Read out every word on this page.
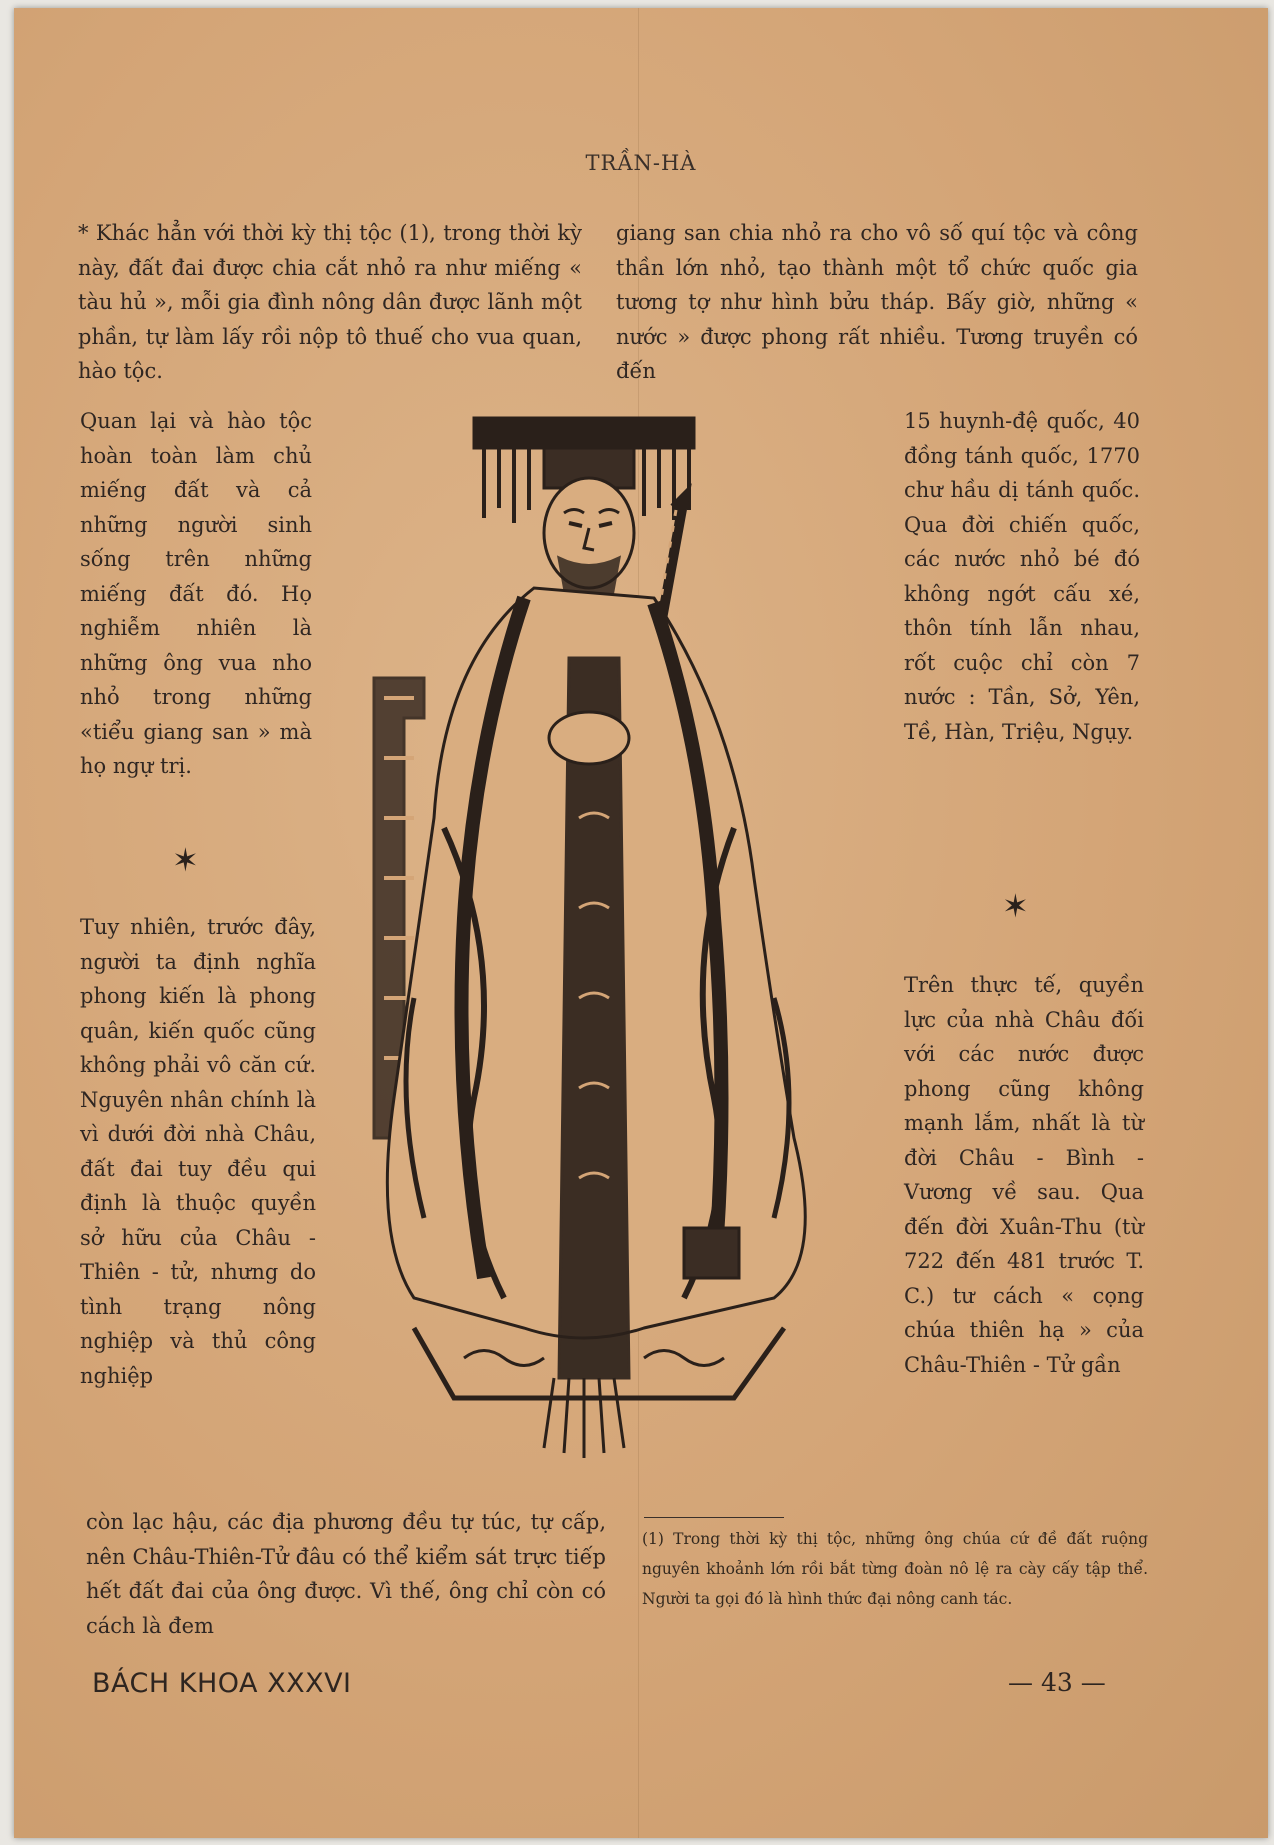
TRẦN-HÀ

* Khác hẳn với thời kỳ thị tộc (1), trong thời kỳ này, đất đai được chia cắt nhỏ ra như miếng « tàu hủ », mỗi gia đình nông dân được lãnh một phần, tự làm lấy rồi nộp tô thuế cho vua quan, hào tộc.

giang san chia nhỏ ra cho vô số quí tộc và công thần lớn nhỏ, tạo thành một tổ chức quốc gia tương tợ như hình bửu tháp. Bấy giờ, những « nước » được phong rất nhiều. Tương truyền có đến

Quan lại và hào tộc hoàn toàn làm chủ miếng đất và cả những người sinh sống trên những miếng đất đó. Họ nghiễm nhiên là những ông vua nho nhỏ trong những «tiểu giang san » mà họ ngự trị.

✶

Tuy nhiên, trước đây, người ta định nghĩa phong kiến là phong quân, kiến quốc cũng không phải vô căn cứ. Nguyên nhân chính là vì dưới đời nhà Châu, đất đai tuy đều qui định là thuộc quyền sở hữu của Châu - Thiên - tử, nhưng do tình trạng nông nghiệp và thủ công nghiệp

còn lạc hậu, các địa phương đều tự túc, tự cấp, nên Châu-Thiên-Tử đâu có thể kiểm sát trực tiếp hết đất đai của ông được. Vì thế, ông chỉ còn có cách là đem

15 huynh-đệ quốc, 40 đồng tánh quốc, 1770 chư hầu dị tánh quốc. Qua đời chiến quốc, các nước nhỏ bé đó không ngớt cấu xé, thôn tính lẫn nhau, rốt cuộc chỉ còn 7 nước : Tần, Sở, Yên, Tề, Hàn, Triệu, Ngụy.

✶

Trên thực tế, quyền lực của nhà Châu đối với các nước được phong cũng không mạnh lắm, nhất là từ đời Châu - Bình - Vương về sau. Qua đến đời Xuân-Thu (từ 722 đến 481 trước T. C.) tư cách « cọng chúa thiên hạ » của Châu-Thiên - Tử gần

(1) Trong thời kỳ thị tộc, những ông chúa cứ đề đất ruộng nguyên khoảnh lớn rồi bắt từng đoàn nô lệ ra cày cấy tập thể. Người ta gọi đó là hình thức đại nông canh tác.
BÁCH KHOA XXXVI	— 43 —
